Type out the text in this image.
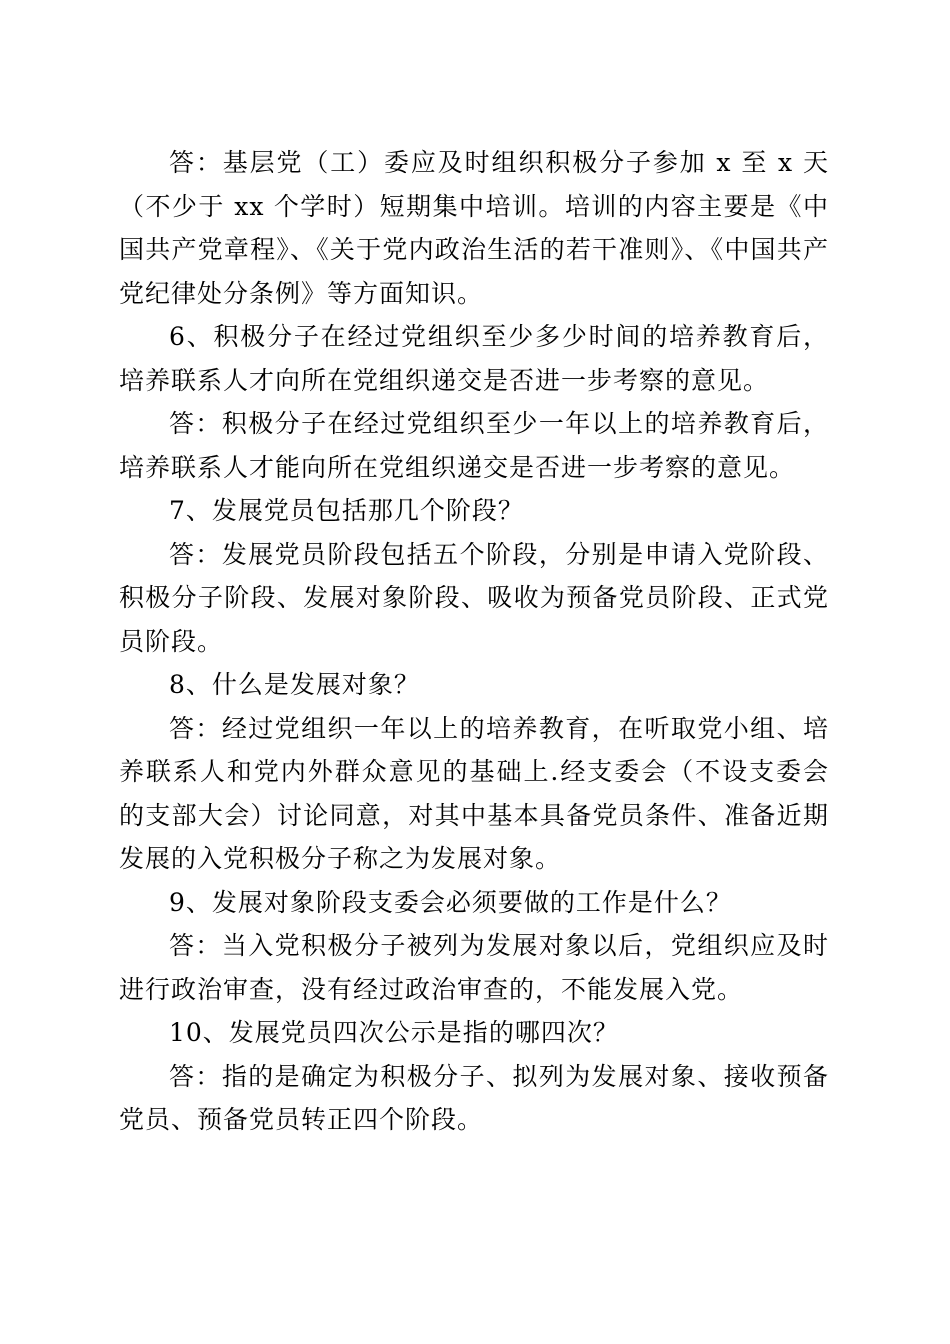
答：基层党（工）委应及时组织积极分子参加 x 至 x 天（不少于 xx 个学时）短期集中培训。培训的内容主要是《中国共产党章程》、《关于党内政治生活的若干准则》、《中国共产党纪律处分条例》等方面知识。

6、积极分子在经过党组织至少多少时间的培养教育后，培养联系人才向所在党组织递交是否进一步考察的意见。

答：积极分子在经过党组织至少一年以上的培养教育后，培养联系人才能向所在党组织递交是否进一步考察的意见。

7、发展党员包括那几个阶段？

答：发展党员阶段包括五个阶段，分别是申请入党阶段、积极分子阶段、发展对象阶段、吸收为预备党员阶段、正式党员阶段。

8、什么是发展对象？

答：经过党组织一年以上的培养教育，在听取党小组、培养联系人和党内外群众意见的基础上.经支委会（不设支委会的支部大会）讨论同意，对其中基本具备党员条件、准备近期发展的入党积极分子称之为发展对象。

9、发展对象阶段支委会必须要做的工作是什么？

答：当入党积极分子被列为发展对象以后，党组织应及时进行政治审查，没有经过政治审查的，不能发展入党。

10、发展党员四次公示是指的哪四次？

答：指的是确定为积极分子、拟列为发展对象、接收预备党员、预备党员转正四个阶段。
